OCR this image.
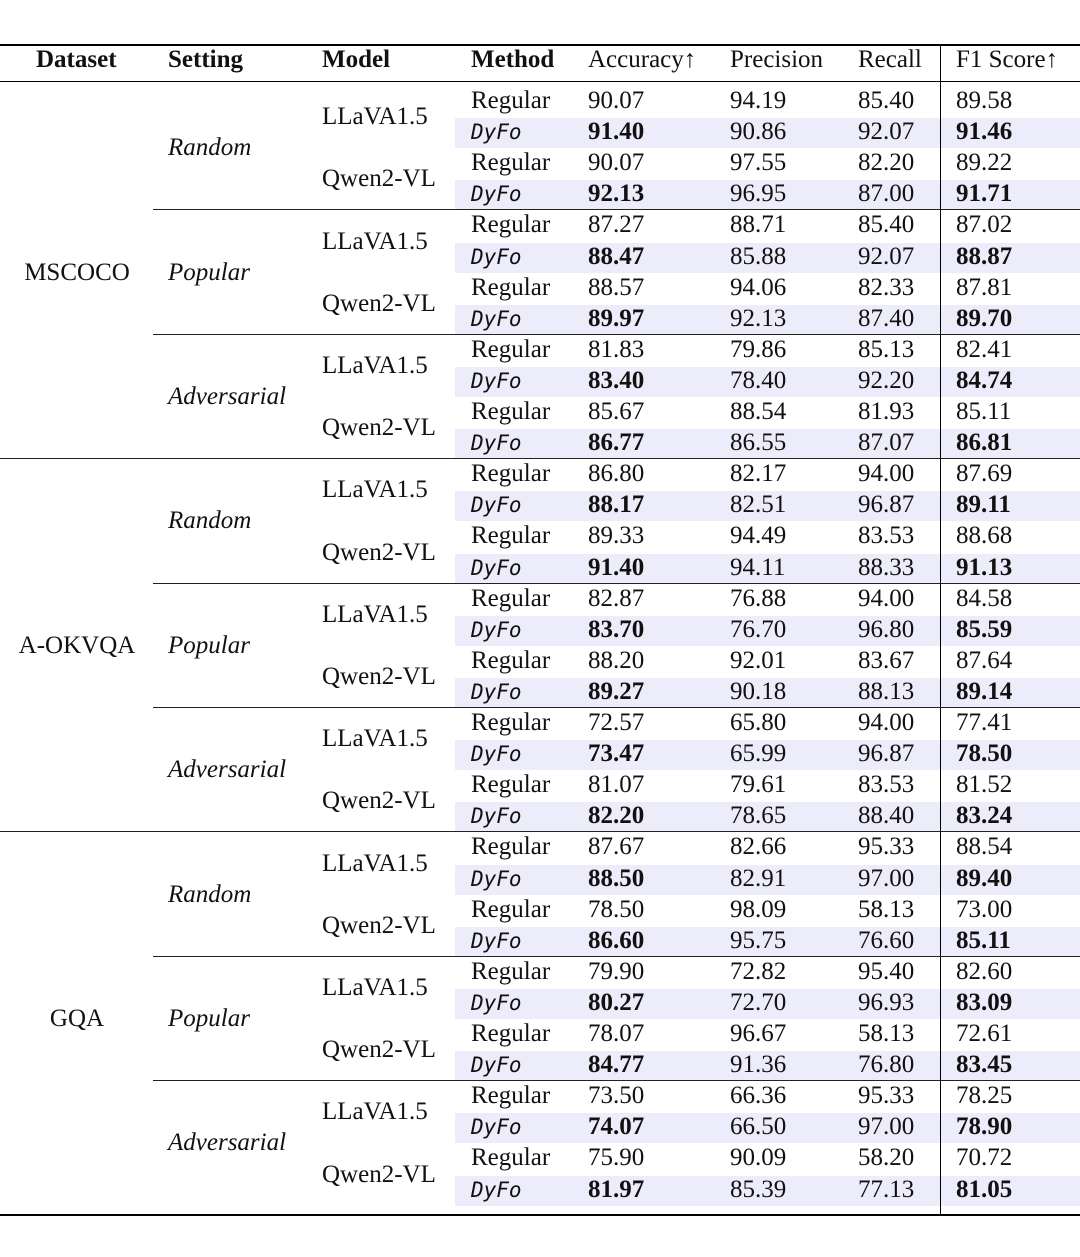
Dataset Setting	Model	Method Accuracy↑ Precision Recall F1 Score↑
Regular 90.07	94.19	85.40 89.58
DyFo	91.40	90.86	92.07 91.46
LLaVA1.5
Regular 90.07	97.55	82.20 89.22
DyFo	92.13	96.95	87.00 91.71
Qwen2-VL
Random
Regular 87.27	88.71	85.40 87.02
DyFo	88.47	85.88	92.07 88.87
LLaVA1.5
Regular 88.57	94.06	82.33 87.81
DyFo	89.97	92.13	87.40 89.70
Qwen2-VL
Popular
Regular 81.83	79.86	85.13 82.41
DyFo	83.40	78.40	92.20 84.74
LLaVA1.5
Regular 85.67	88.54	81.93 85.11
DyFo	86.77	86.55	87.07 86.81
Qwen2-VL
Adversarial
MSCOCO
Regular 86.80	82.17	94.00 87.69
DyFo	88.17	82.51	96.87 89.11
LLaVA1.5
Regular 89.33	94.49	83.53 88.68
DyFo	91.40	94.11	88.33 91.13
Qwen2-VL
Random
Regular 82.87	76.88	94.00 84.58
DyFo	83.70	76.70	96.80 85.59
LLaVA1.5
Regular 88.20	92.01	83.67 87.64
DyFo	89.27	90.18	88.13 89.14
Qwen2-VL
Popular
Regular 72.57	65.80	94.00 77.41
DyFo	73.47	65.99	96.87 78.50
LLaVA1.5
Regular 81.07	79.61	83.53 81.52
DyFo	82.20	78.65	88.40 83.24
Qwen2-VL
Adversarial
A-OKVQA
Regular 87.67	82.66	95.33 88.54
DyFo	88.50	82.91	97.00 89.40
LLaVA1.5
Regular 78.50	98.09	58.13 73.00
DyFo	86.60	95.75	76.60 85.11
Qwen2-VL
Random
Regular 79.90	72.82	95.40 82.60
DyFo	80.27	72.70	96.93 83.09
LLaVA1.5
Regular 78.07	96.67	58.13 72.61
DyFo	84.77	91.36	76.80 83.45
Qwen2-VL
Popular
Regular 73.50	66.36	95.33 78.25
DyFo	74.07	66.50	97.00 78.90
LLaVA1.5
Regular 75.90	90.09	58.20 70.72
DyFo	81.97	85.39	77.13 81.05
Qwen2-VL
Adversarial
GQA
